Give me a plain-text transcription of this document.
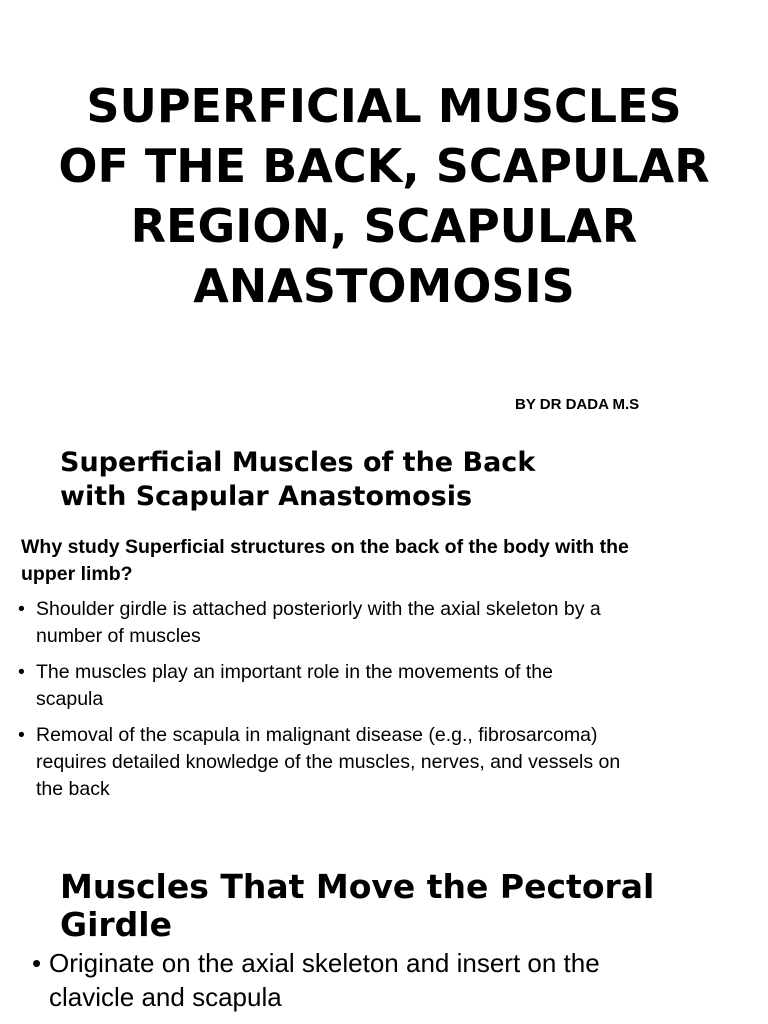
SUPERFICIAL MUSCLES
OF THE BACK, SCAPULAR
REGION, SCAPULAR
ANASTOMOSIS
BY DR DADA M.S
Superficial Muscles of the Back
with Scapular Anastomosis
Why study Superficial structures on the back of the body with the
upper limb?
• Shoulder girdle is attached posteriorly with the axial skeleton by a
number of muscles
• The muscles play an important role in the movements of the
scapula
• Removal of the scapula in malignant disease (e.g., fibrosarcoma)
requires detailed knowledge of the muscles, nerves, and vessels on
the back
Muscles That Move the Pectoral
Girdle
• Originate on the axial skeleton and insert on the
clavicle and scapula
